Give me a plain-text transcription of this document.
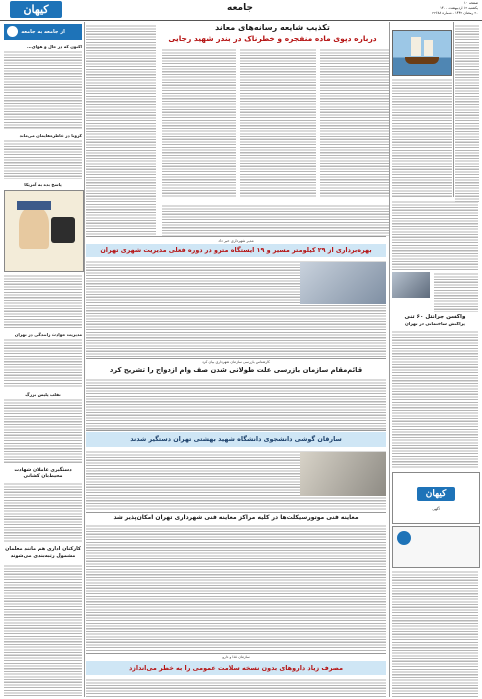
صفحه ۱۰
یکشنبه ۱۲ اردیبهشت ۱۴۰۰
۲۰ رمضان ۱۴۴۲ - شماره ۲۲۶۸۸
جامعه
کیهان
تکذیب شایعه رسانه‌های معاند
درباره دپوی ماده منفجره و خطرناک در بندر شهید رجایی
از جامعه به جامعه
اکنون که در حال و هوای...
کرونا در خاطره‌هایمان می‌ماند
پاسخ بده به آمریکا
مدیریت حوادث رانندگی در تهران
تقلب پلیس بزرگ
دستگیری عاملان شهادت محیط‌بان کشانی
کارکنان اداری هم مانند معلمان مشمول رتبه‌بندی می‌شوند
مدیر شهرداری خبر داد
بهره‌برداری از ۲۹ کیلومتر مسیر و ۱۹ ایستگاه مترو در دوره فعلی مدیریت شهری تهران
کارشناس بازرسی سازمان شهرداری بیان کرد
قائم‌مقام سازمان بازرسی علت طولانی شدن صف وام ازدواج را تشریح کرد
سارقان گوشی دانشجوی دانشگاه شهید بهشتی تهران دستگیر شدند
معاینه فنی موتورسیکلت‌ها در کلیه مراکز معاینه فنی شهرداری تهران امکان‌پذیر شد
سازمان غذا و دارو
مصرف زیاد داروهای بدون نسخه سلامت عمومی را به خطر می‌اندازد
واکسن جرانتل ۶۰ تنی
پراکنش ساختمانی در تهران
کیهان
آگهی
